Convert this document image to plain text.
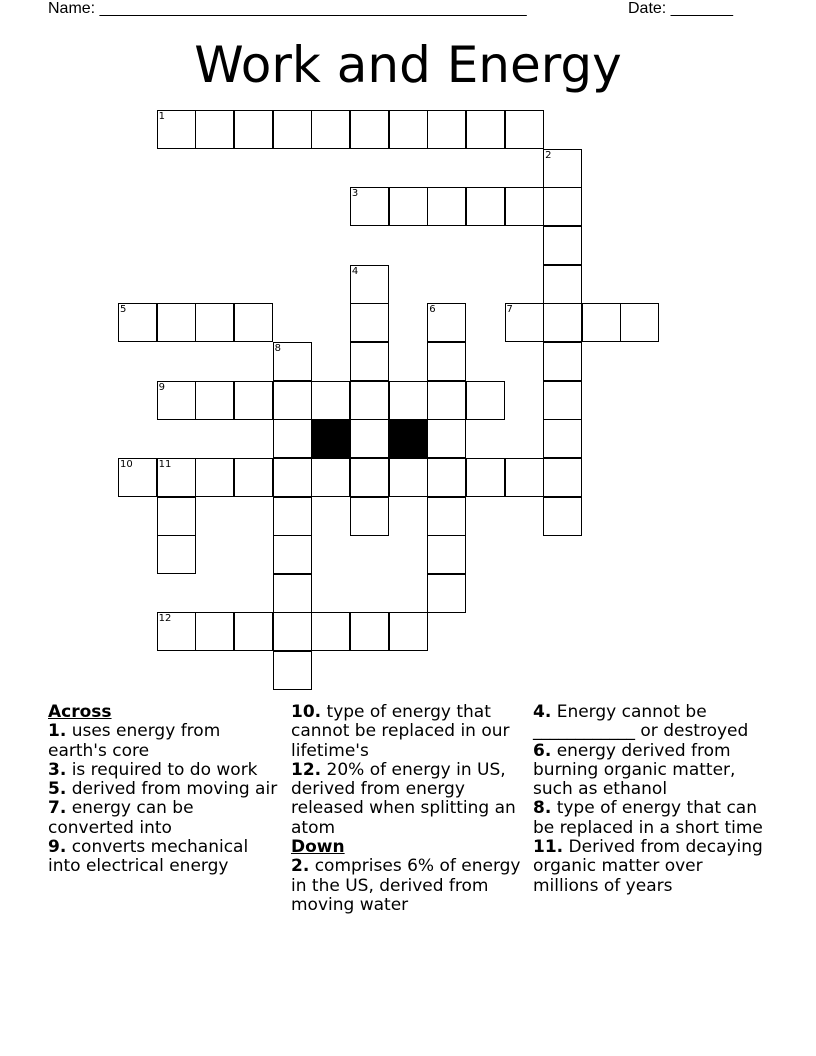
Name: ________________________________________________	Date: _______
Work and Energy
1
2
3
4
5	6	7
8
9
10	11
12
Across
1. uses energy from earth's core
3. is required to do work
5. derived from moving air
7. energy can be converted into
9. converts mechanical into electrical energy
10. type of energy that cannot be replaced in our lifetime's
12. 20% of energy in US, derived from energy released when splitting an atom
Down
2. comprises 6% of energy in the US, derived from moving water
4. Energy cannot be ____________ or destroyed
6. energy derived from burning organic matter, such as ethanol
8. type of energy that can be replaced in a short time
11. Derived from decaying organic matter over millions of years
